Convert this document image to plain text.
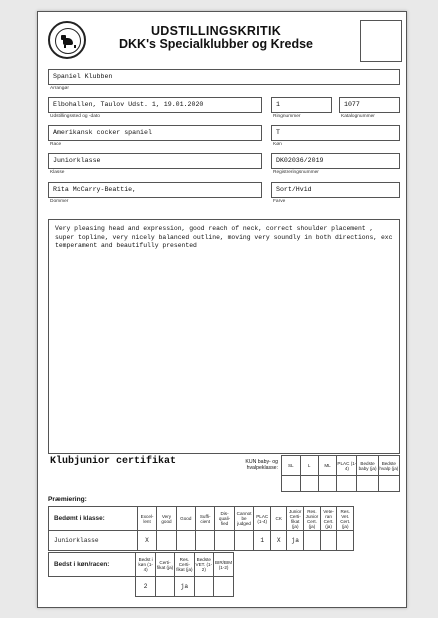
UDSTILLINGSKRITIK
DKK's Specialklubber og Kredse
Spaniel Klubben
Arrangør
Elbohallen, Taulov Udst. 1, 19.01.2020
Udstillingssted og -dato
1
Ringnummer
1077
Katalognummer
Amerikansk cocker spaniel
Race
T
Køn
Juniorklasse
Klasse
DK02036/2019
Registreringsnummer
Rita McCarry-Beattie,
Dommer
Sort/Hvid
Farve
Very pleasing head and expression, good reach of neck, correct shoulder placement , super topline, very nicely balanced outline, moving very soundly in both directions, exc temperament and beautifully presented
Klubjunior certifikat	KUN baby- og hvalpeklasse: SL	L	ML	PLAC (1-4)	Bedste baby (ja)	Bedste hvalp (ja)

Præmiering:
Bedømt i klasse:	Excel-lent	Very good	Good	Suffi-cient	Dis-quali-fied	Cannot be judged	PLAC (1-4)	CK	Junior Certi-fikat (ja)	Res. Junior Cert. (ja)	Vete-ran Cert. (ja)	Res. Vet. Cert. (ja)
Juniorklasse	X						1	X	ja			
Bedst i køn/racen:	Bedst i køn (1-4)	Certi-fikat (ja)	Res. Certi-fikat (ja)	Bedste VET. (1-2)	BIR/BIM (1-2)
	2		ja		
